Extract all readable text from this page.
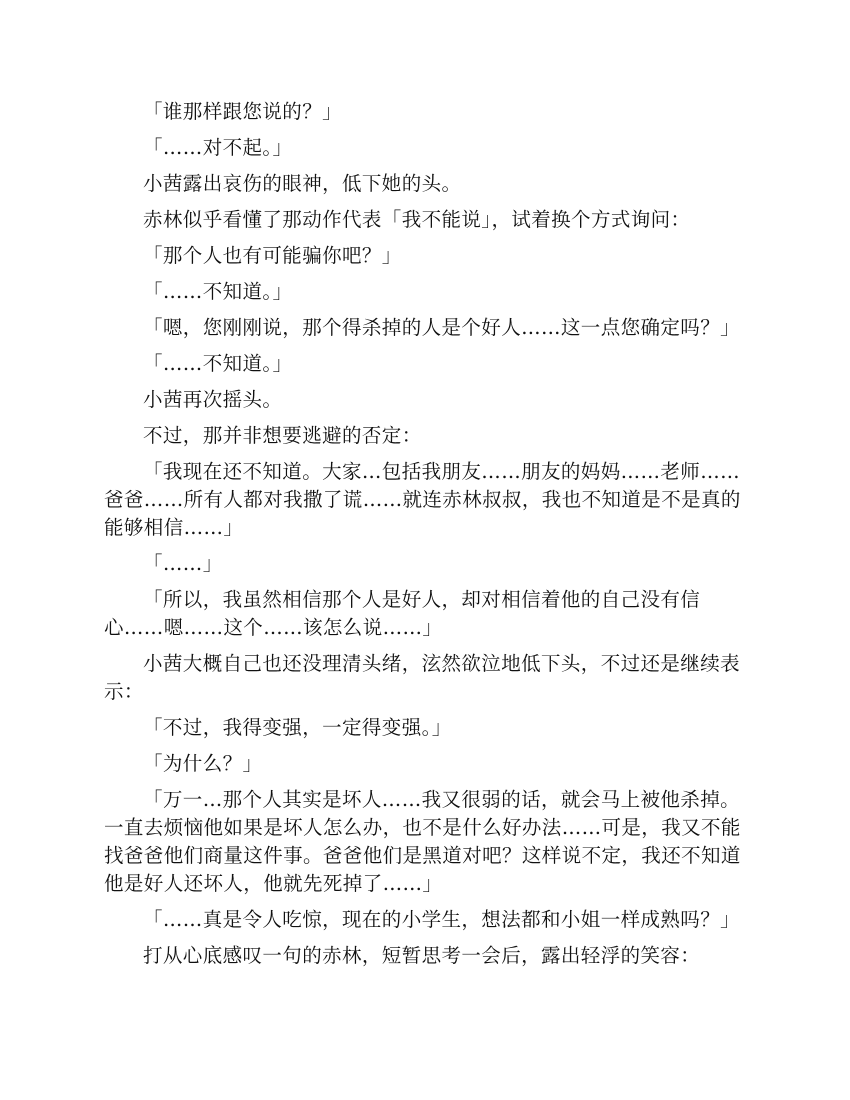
「谁那样跟您说的？」

「……对不起。」

小茜露出哀伤的眼神，低下她的头。

赤林似乎看懂了那动作代表「我不能说」，试着换个方式询问：

「那个人也有可能骗你吧？」

「……不知道。」

「嗯，您刚刚说，那个得杀掉的人是个好人……这一点您确定吗？」

「……不知道。」

小茜再次摇头。

不过，那并非想要逃避的否定：

「我现在还不知道。大家…包括我朋友……朋友的妈妈……老师……爸爸……所有人都对我撒了谎……就连赤林叔叔，我也不知道是不是真的能够相信……」

「……」

「所以，我虽然相信那个人是好人，却对相信着他的自己没有信心……嗯……这个……该怎么说……」

小茜大概自己也还没理清头绪，泫然欲泣地低下头，不过还是继续表示：

「不过，我得变强，一定得变强。」

「为什么？」

「万一…那个人其实是坏人……我又很弱的话，就会马上被他杀掉。一直去烦恼他如果是坏人怎么办，也不是什么好办法……可是，我又不能找爸爸他们商量这件事。爸爸他们是黑道对吧？这样说不定，我还不知道他是好人还坏人，他就先死掉了……」

「……真是令人吃惊，现在的小学生，想法都和小姐一样成熟吗？」

打从心底感叹一句的赤林，短暂思考一会后，露出轻浮的笑容：
